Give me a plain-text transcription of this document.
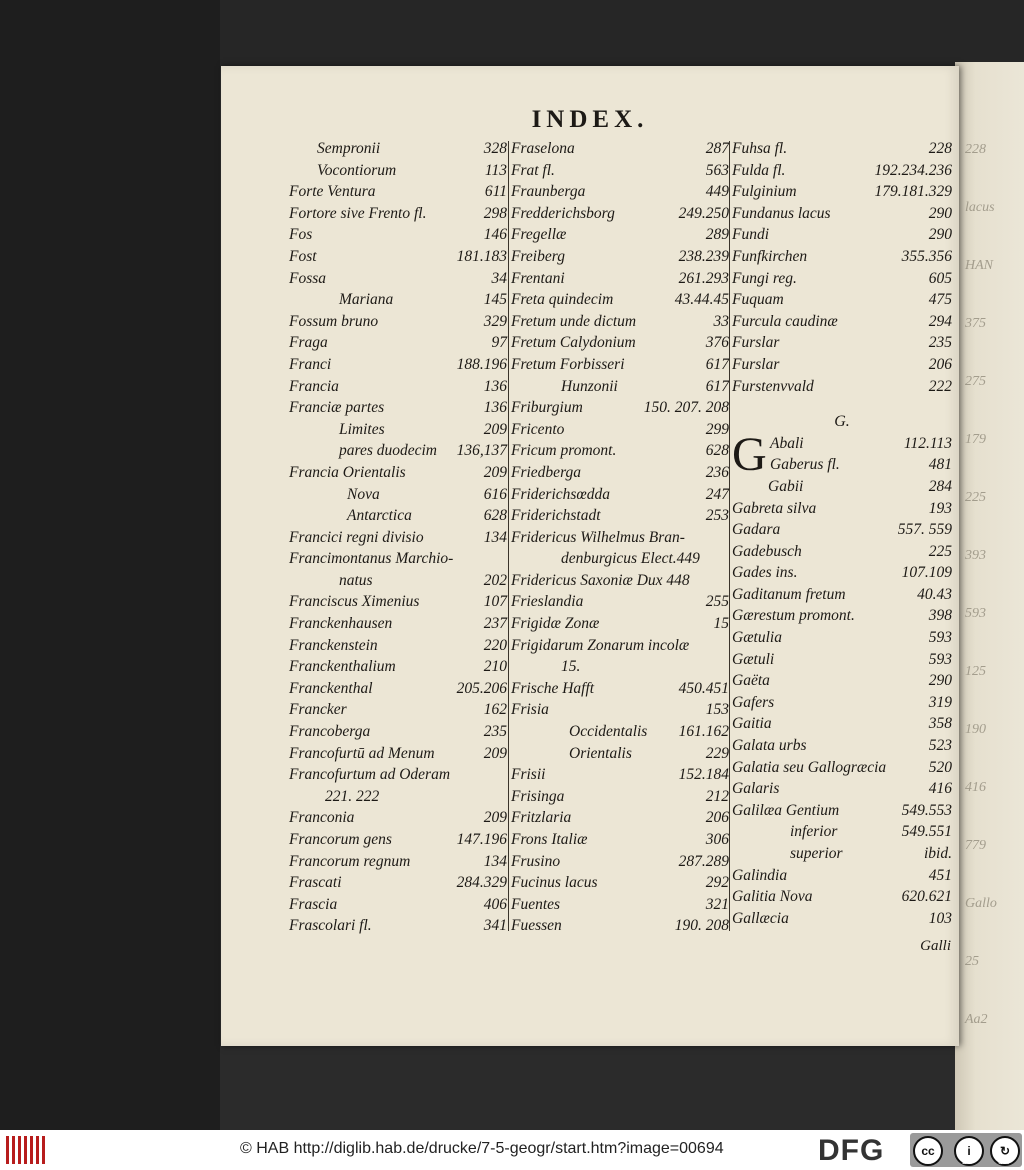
228
lacus
HAN
375
275
179
225
393
593
125
190
416
779
Gallo
25
Aa2
INDEX.
Sempronii	328
Vocontiorum	113
Forte Ventura	611
Fortore sive Frento fl.	298
Fos	146
Fost	181.183
Fossa	34
Mariana	145
Fossum bruno	329
Fraga	97
Franci	188.196
Francia	136
Franciæ partes	136
Limites	209
pares duodecim 136,137
Francia Orientalis	209
Nova	616
Antarctica	628
Francici regni divisio	134
Francimontanus Marchio-
natus	202
Franciscus Ximenius	107
Franckenhausen	237
Franckenstein	220
Franckenthalium	210
Franckenthal	205.206
Francker	162
Francoberga	235
Francofurtū ad Menum	209
Francofurtum ad Oderam
221. 222
Franconia	209
Francorum gens	147.196
Francorum regnum	134
Frascati	284.329
Frascia	406
Frascolari fl.	341
Fraselona	287
Frat fl.	563
Fraunberga	449
Fredderichsborg	249.250
Fregellæ	289
Freiberg	238.239
Frentani	261.293
Freta quindecim	43.44.45
Fretum unde dictum	33
Fretum Calydonium	376
Fretum Forbisseri	617
Hunzonii	617
Friburgium	150. 207. 208
Fricento	299
Fricum promont.	628
Friedberga	236
Friderichsœdda	247
Friderichstadt	253
Fridericus Wilhelmus Bran-
denburgicus Elect.449
Fridericus Saxoniæ Dux 448
Frieslandia	255
Frigidæ Zonæ	15
Frigidarum Zonarum incolæ
15.
Frische Hafft	450.451
Frisia	153
Occidentalis 161.162
Orientalis	229
Frisii	152.184
Frisinga	212
Fritzlaria	206
Frons Italiæ	306
Frusino	287.289
Fucinus lacus	292
Fuentes	321
Fuessen	190. 208
Fuhsa fl.	228
Fulda fl.	192.234.236
Fulginium	179.181.329
Fundanus lacus	290
Fundi	290
Funfkirchen	355.356
Fungi reg.	605
Fuquam	475
Furcula caudinæ	294
Furslar	235
Furslar	206
Furstenvvald	222
G.
G Abali	112.113
Gaberus fl.	481
Gabii	284
Gabreta silva	193
Gadara	557. 559
Gadebusch	225
Gades ins.	107.109
Gaditanum fretum	40.43
Gærestum promont.	398
Gætulia	593
Gætuli	593
Gaëta	290
Gafers	319
Gaitia	358
Galata urbs	523
Galatia seu Gallogræcia	520
Galaris	416
Galilæa Gentium	549.553
inferior	549.551
superior	ibid.
Galindia	451
Galitia Nova	620.621
Gallæcia	103
Galli
© HAB http://diglib.hab.de/drucke/7-5-geogr/start.htm?image=00694	DFG	cc	i	↻
BY	SA
